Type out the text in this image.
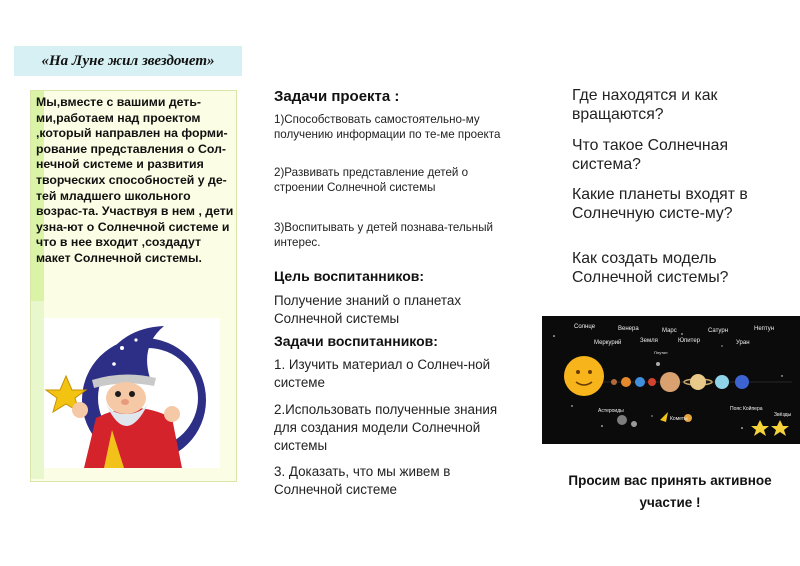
«На Луне жил звездочет»
Мы,вместе с вашими деть-ми,работаем над проектом ,который направлен на форми-рование представления о Сол-нечной системе и развития творческих способностей у де-тей младшего школьного возрас-та. Участвуя в нем , дети узна-ют о Солнечной системе и что в нее входит ,создадут макет Солнечной системы.
Задачи проекта :
1)Способствовать самостоятельно-му получению информации по те-ме проекта
2)Развивать представление детей о строении Солнечной системы
3)Воспитывать у детей познава-тельный интерес.
Цель воспитанников:
Получение знаний о планетах Солнечной системы
Задачи воспитанников:
1. Изучить материал о Солнеч-ной системе
2.Использовать полученные знания для создания модели Солнечной системы
3. Доказать, что мы живем в Солнечной системе
Где находятся и как вращаются?
Что такое Солнечная система?
Какие планеты входят в Солнечную систе-му?
Как создать модель Солнечной системы?
Солнце	Венера	Марс	Сатурн	Нептун
Меркурий	Земля	Юпитер	Уран
Плутон
Астероиды
Кометы
Пояс Койпера
Звёзды
Просим вас принять активное участие !
